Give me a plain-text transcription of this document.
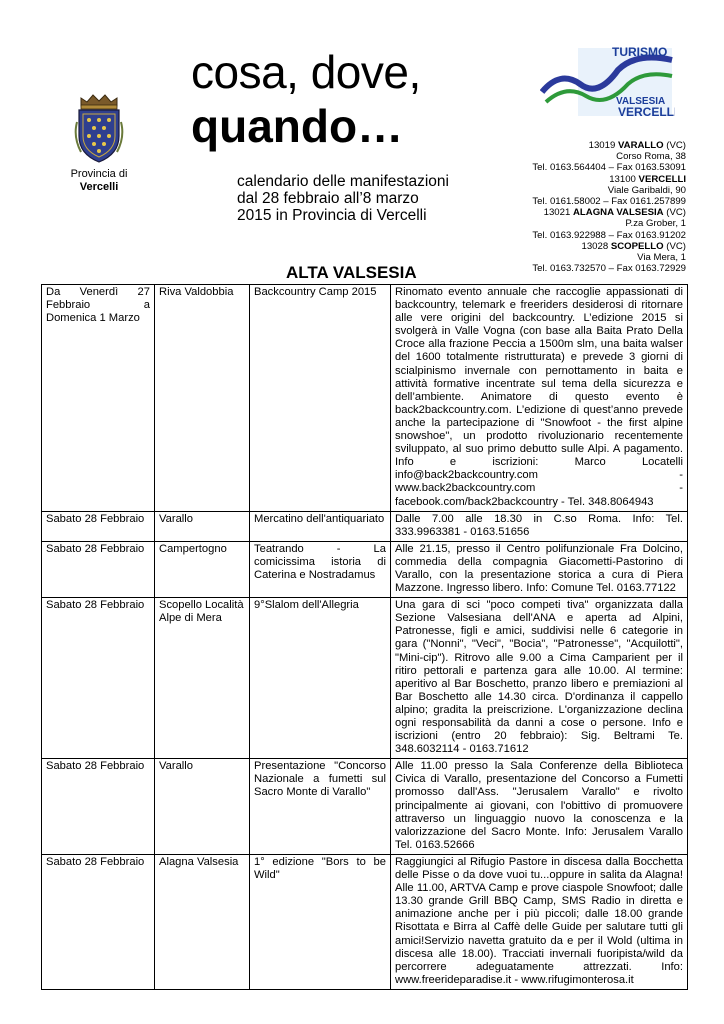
Provincia di
Vercelli
cosa, dove,
quando…
calendario delle manifestazioni
dal 28 febbraio all’8 marzo
2015 in Provincia di Vercelli
ALTA VALSESIA
TURISMO
VALSESIA
VERCELLI
13019 VARALLO (VC)
Corso Roma, 38
Tel. 0163.564404 – Fax 0163.53091
13100 VERCELLI
Viale Garibaldi, 90
Tel. 0161.58002 – Fax 0161.257899
13021 ALAGNA VALSESIA (VC)
P.za Grober, 1
Tel. 0163.922988 – Fax 0163.91202
13028 SCOPELLO (VC)
Via Mera, 1
Tel. 0163.732570 – Fax 0163.72929
Da Venerdì 27 Febbraio a Domenica 1 Marzo	Riva Valdobbia	Backcountry Camp 2015	Rinomato evento annuale che raccoglie appassionati di backcountry, telemark e freeriders desiderosi di ritornare alle vere origini del backcountry. L’edizione 2015 si svolgerà in Valle Vogna (con base alla Baita Prato Della Croce alla frazione Peccia a 1500m slm, una baita walser del 1600 totalmente ristrutturata) e prevede 3 giorni di scialpinismo invernale con pernottamento in baita e attività formative incentrate sul tema della sicurezza e dell’ambiente. Animatore di questo evento è back2backcountry.com. L’edizione di quest’anno prevede anche la partecipazione di "Snowfoot - the first alpine snowshoe", un prodotto rivoluzionario recentemente sviluppato, al suo primo debutto sulle Alpi. A pagamento. Info e iscrizioni: Marco Locatelli info@back2backcountry.com - www.back2backcountry.com - facebook.com/back2backcountry - Tel. 348.8064943
Sabato 28 Febbraio	Varallo	Mercatino dell'antiquariato	Dalle 7.00 alle 18.30 in C.so Roma. Info: Tel. 333.9963381 - 0163.51656
Sabato 28 Febbraio	Campertogno	Teatrando - La comicissima istoria di Caterina e Nostradamus	Alle 21.15, presso il Centro polifunzionale Fra Dolcino, commedia della compagnia Giacometti-Pastorino di Varallo, con la presentazione storica a cura di Piera Mazzone. Ingresso libero. Info: Comune Tel. 0163.77122
Sabato 28 Febbraio	Scopello Località Alpe di Mera	9°Slalom dell'Allegria	Una gara di sci "poco competi tiva" organizzata dalla Sezione Valsesiana dell'ANA e aperta ad Alpini, Patronesse, figli e amici, suddivisi nelle 6 categorie in gara ("Nonni", "Veci", "Bocia", "Patronesse", "Acquilotti", "Mini-cip"). Ritrovo alle 9.00 a Cima Camparient per il ritiro pettorali e partenza gara alle 10.00. Al termine: aperitivo al Bar Boschetto, pranzo libero e premiazioni al Bar Boschetto alle 14.30 circa. D'ordinanza il cappello alpino; gradita la preiscrizione. L'organizzazione declina ogni responsabilità da danni a cose o persone. Info e iscrizioni (entro 20 febbraio): Sig. Beltrami Te. 348.6032114 - 0163.71612
Sabato 28 Febbraio	Varallo	Presentazione "Concorso Nazionale a fumetti sul Sacro Monte di Varallo"	Alle 11.00 presso la Sala Conferenze della Biblioteca Civica di Varallo, presentazione del Concorso a Fumetti promosso dall'Ass. "Jerusalem Varallo" e rivolto principalmente ai giovani, con l'obittivo di promuovere attraverso un linguaggio nuovo la conoscenza e la valorizzazione del Sacro Monte. Info: Jerusalem Varallo Tel. 0163.52666
Sabato 28 Febbraio	Alagna Valsesia	1° edizione "Bors to be Wild"	Raggiungici al Rifugio Pastore in discesa dalla Bocchetta delle Pisse o da dove vuoi tu...oppure in salita da Alagna! Alle 11.00, ARTVA Camp e prove ciaspole Snowfoot; dalle 13.30 grande Grill BBQ Camp, SMS Radio in diretta e animazione anche per i più piccoli; dalle 18.00 grande Risottata e Birra al Caffè delle Guide per salutare tutti gli amici!Servizio navetta gratuito da e per il Wold (ultima in discesa alle 18.00). Tracciati invernali fuoripista/wild da percorrere adeguatamente attrezzati. Info: www.freerideparadise.it - www.rifugimonterosa.it
